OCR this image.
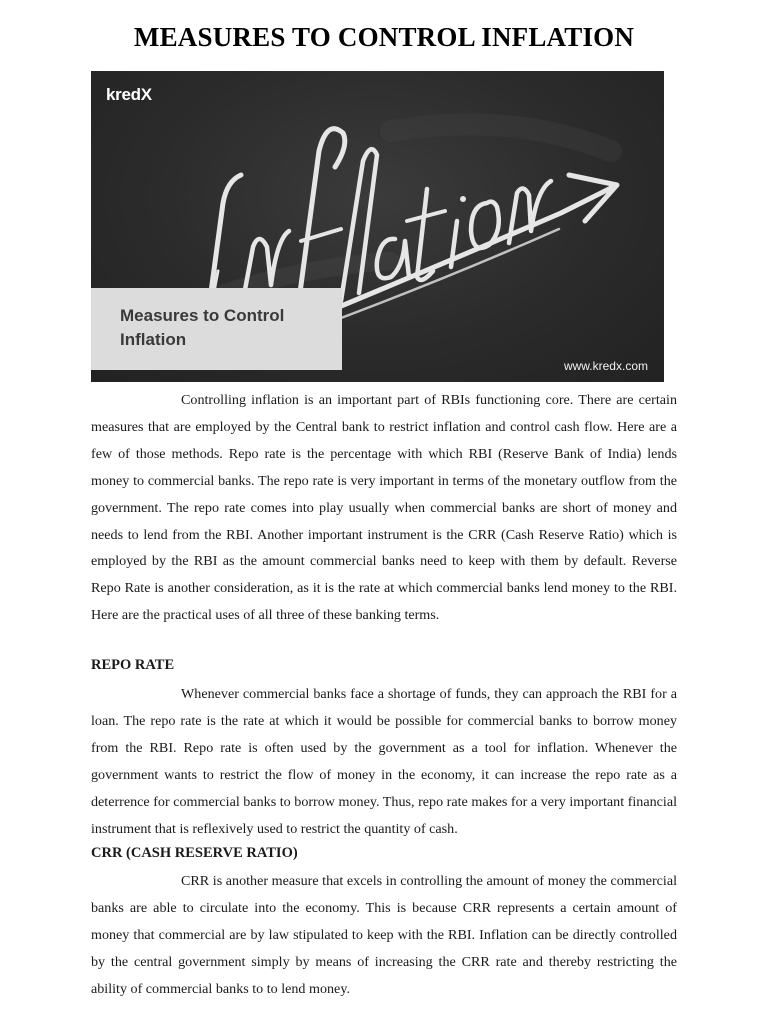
MEASURES TO CONTROL INFLATION
kredX
Measures to Control Inflation
www.kredx.com

Controlling inflation is an important part of RBIs functioning core. There are certain measures that are employed by the Central bank to restrict inflation and control cash flow. Here are a few of those methods. Repo rate is the percentage with which RBI (Reserve Bank of India) lends money to commercial banks. The repo rate is very important in terms of the monetary outflow from the government. The repo rate comes into play usually when commercial banks are short of money and needs to lend from the RBI. Another important instrument is the CRR (Cash Reserve Ratio) which is employed by the RBI as the amount commercial banks need to keep with them by default. Reverse Repo Rate is another consideration, as it is the rate at which commercial banks lend money to the RBI. Here are the practical uses of all three of these banking terms.

REPO RATE

Whenever commercial banks face a shortage of funds, they can approach the RBI for a loan. The repo rate is the rate at which it would be possible for commercial banks to borrow money from the RBI. Repo rate is often used by the government as a tool for inflation. Whenever the government wants to restrict the flow of money in the economy, it can increase the repo rate as a deterrence for commercial banks to borrow money. Thus, repo rate makes for a very important financial instrument that is reflexively used to restrict the quantity of cash.

CRR (CASH RESERVE RATIO)

CRR is another measure that excels in controlling the amount of money the commercial banks are able to circulate into the economy. This is because CRR represents a certain amount of money that commercial are by law stipulated to keep with the RBI. Inflation can be directly controlled by the central government simply by means of increasing the CRR rate and thereby restricting the ability of commercial banks to to lend money.
